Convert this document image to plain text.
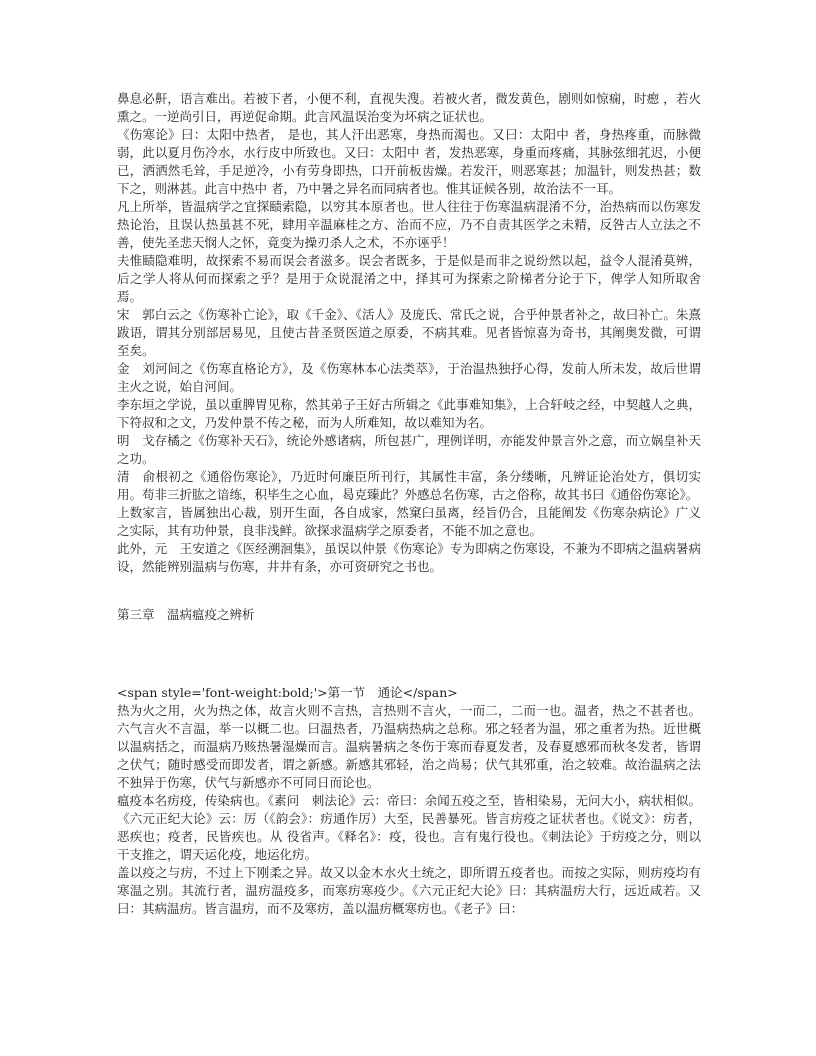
鼻息必鼾，语言难出。若被下者，小便不利，直视失溲。若被火者，微发黄色，剧则如惊痫，时瘛 ，若火熏之。一逆尚引日，再逆促命期。此言风温误治变为坏病之证状也。

《伤寒论》曰：太阳中热者， 是也，其人汗出恶寒，身热而渴也。又曰：太阳中 者，身热疼重，而脉微弱，此以夏月伤冷水，水行皮中所致也。又曰：太阳中 者，发热恶寒，身重而疼痛，其脉弦细芤迟，小便已，洒洒然毛耸，手足逆冷，小有劳身即热，口开前板齿燥。若发汗，则恶寒甚；加温针，则发热甚；数下之，则淋甚。此言中热中 者，乃中暑之异名而同病者也。惟其证候各别，故治法不一耳。

凡上所举，皆温病学之宜探赜索隐，以穷其本原者也。世人往往于伤寒温病混淆不分，治热病而以伤寒发热论治，且误认热虽甚不死，肆用辛温麻桂之方、治而不应，乃不自责其医学之未精，反咎古人立法之不善，使先圣悲天悯人之怀，竟变为操刃杀人之术，不亦诬乎！

夫惟赜隐难明，故探索不易而误会者滋多。误会者既多，于是似是而非之说纷然以起，益令人混淆莫辨，后之学人将从何而探索之乎？是用于众说混淆之中，择其可为探索之阶梯者分论于下，俾学人知所取舍焉。

宋　郭白云之《伤寒补亡论》，取《千金》、《活人》及庞氏、常氏之说，合乎仲景者补之，故曰补亡。朱熹跋语，谓其分别部居易见，且使古昔圣贤医道之原委，不病其难。见者皆惊喜为奇书，其阐奥发微，可谓至矣。

金　刘河间之《伤寒直格论方》，及《伤寒林本心法类萃》，于治温热独抒心得，发前人所未发，故后世谓主火之说，始自河间。

李东垣之学说，虽以重脾胃见称，然其弟子王好古所辑之《此事难知集》，上合轩岐之经，中契越人之典，下符叔和之文，乃发仲景不传之秘，而为人所难知，故以难知为名。

明　戈存橘之《伤寒补天石》，统论外感诸病，所包甚广，理例详明，亦能发仲景言外之意，而立娲皇补天之功。

清　俞根初之《通俗伤寒论》，乃近时何廉臣所刊行，其属性丰富，条分缕晰，凡辨证论治处方，俱切实用。苟非三折肱之谙练，积毕生之心血，曷克臻此？外感总名伤寒，古之俗称，故其书曰《通俗伤寒论》。

上数家言，皆属独出心裁，别开生面，各自成家，然窠臼虽离，经旨仍合，且能阐发《伤寒杂病论》广义之实际，其有功仲景，良非浅鲜。欲探求温病学之原委者，不能不加之意也。

此外，元　王安道之《医经溯洄集》，虽误以仲景《伤寒论》专为即病之伤寒设，不兼为不即病之温病暑病设，然能辨别温病与伤寒，井井有条，亦可资研究之书也。

第三章　温病瘟疫之辨析

<span style='font-weight:bold;'>第一节　通论</span>

热为火之用，火为热之体，故言火则不言热，言热则不言火，一而二，二而一也。温者，热之不甚者也。六气言火不言温，举一以概二也。曰温热者，乃温病热病之总称。邪之轻者为温，邪之重者为热。近世概以温病括之，而温病乃赅热暑湿燥而言。温病暑病之冬伤于寒而春夏发者，及春夏感邪而秋冬发者，皆谓之伏气；随时感受而即发者，谓之新感。新感其邪轻，治之尚易；伏气其邪重，治之较难。故治温病之法不独异于伤寒，伏气与新感亦不可同日而论也。

瘟疫本名疠疫，传染病也。《素问　刺法论》云：帝曰：余闻五疫之至，皆相染易，无问大小，病状相似。《六元正纪大论》云：厉（《韵会》：疠通作厉）大至，民善暴死。皆言疠疫之证状者也。《说文》：疠者，恶疾也；疫者，民皆疾也。从 役省声。《释名》：疫，役也。言有鬼行役也。《刺法论》于疠疫之分，则以干支推之，谓天运化疫，地运化疠。

盖以疫之与疠，不过上下刚柔之异。故又以金木水火土统之，即所谓五疫者也。而按之实际，则疠疫均有寒温之别。其流行者，温疠温疫多，而寒疠寒疫少。《六元正纪大论》曰：其病温疠大行，远近咸若。又曰：其病温疠。皆言温疠，而不及寒疠，盖以温疠概寒疠也。《老子》曰：
